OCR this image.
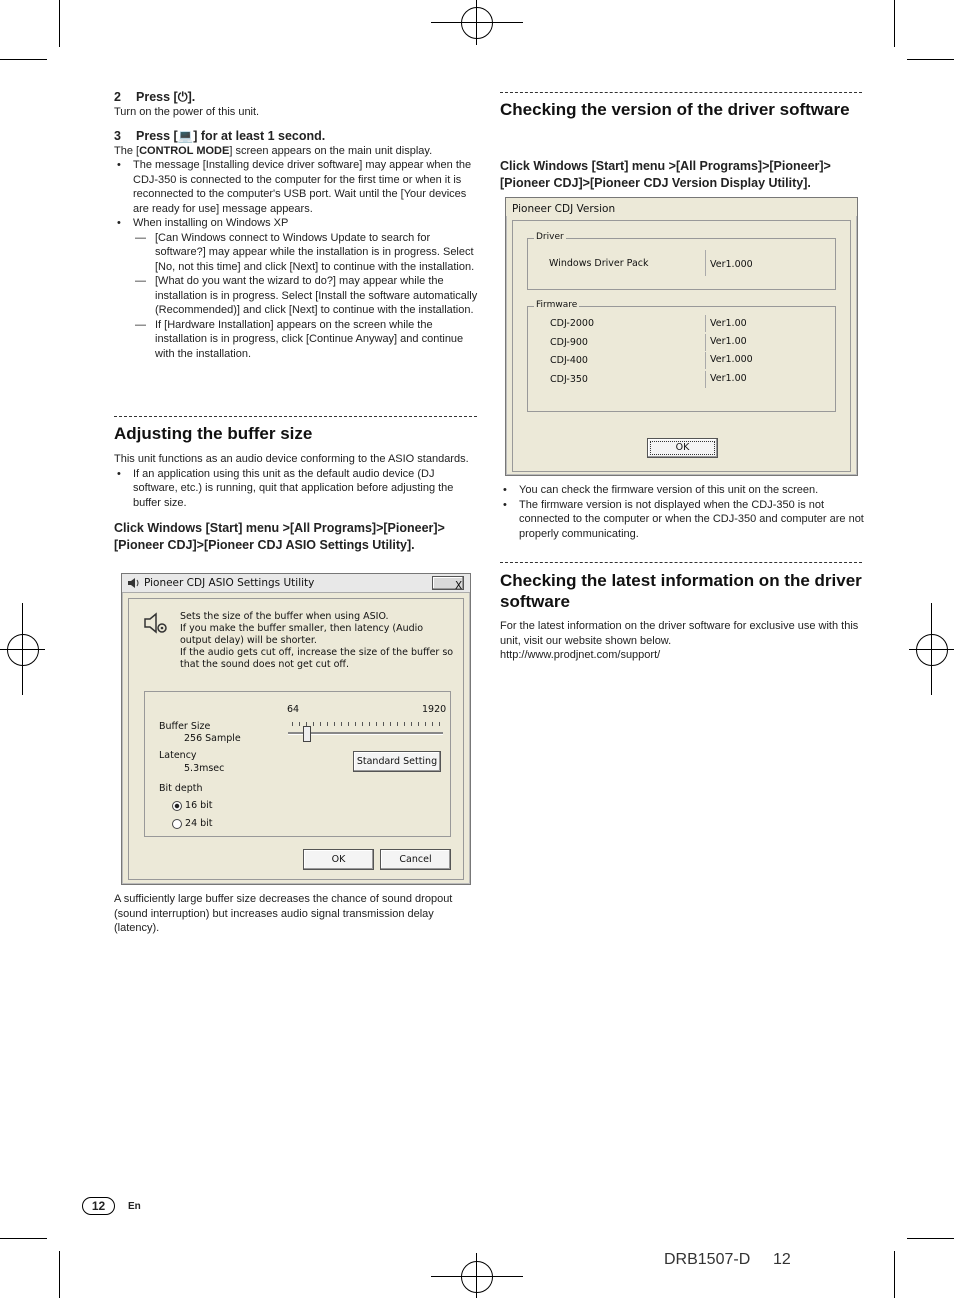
2 Press [⏻].

Turn on the power of this unit.

3 Press [💻] for at least 1 second.

The [CONTROL MODE] screen appears on the main unit display.

• The message [Installing device driver software] may appear when the CDJ-350 is connected to the computer for the first time or when it is reconnected to the computer's USB port. Wait until the [Your devices are ready for use] message appears.
• When installing on Windows XP
— [Can Windows connect to Windows Update to search for software?] may appear while the installation is in progress. Select [No, not this time] and click [Next] to continue with the installation.
— [What do you want the wizard to do?] may appear while the installation is in progress. Select [Install the software automatically (Recommended)] and click [Next] to continue with the installation.
— If [Hardware Installation] appears on the screen while the installation is in progress, click [Continue Anyway] and continue with the installation.
Adjusting the buffer size

This unit functions as an audio device conforming to the ASIO standards.

• If an application using this unit as the default audio device (DJ software, etc.) is running, quit that application before adjusting the buffer size.

Click Windows [Start] menu >[All Programs]>[Pioneer]>[Pioneer CDJ]>[Pioneer CDJ ASIO Settings Utility].

Pioneer CDJ ASIO Settings Utility	X
Sets the size of the buffer when using ASIO.
If you make the buffer smaller, then latency (Audio output delay) will be shorter.
If the audio gets cut off, increase the size of the buffer so that the sound does not get cut off.
64	1920
Buffer Size
256 Sample
Latency
5.3msec
Standard Setting
Bit depth
16 bit
24 bit
OK	Cancel

A sufficiently large buffer size decreases the chance of sound dropout (sound interruption) but increases audio signal transmission delay (latency).

Checking the version of the driver software

Click Windows [Start] menu >[All Programs]>[Pioneer]>[Pioneer CDJ]>[Pioneer CDJ Version Display Utility].

Pioneer CDJ Version
Driver
Windows Driver Pack	Ver1.000
Firmware
CDJ-2000	Ver1.00
CDJ-900	Ver1.00
CDJ-400	Ver1.000
CDJ-350	Ver1.00
OK
• You can check the firmware version of this unit on the screen.
• The firmware version is not displayed when the CDJ-350 is not connected to the computer or when the CDJ-350 and computer are not properly communicating.
Checking the latest information on the driver software

For the latest information on the driver software for exclusive use with this unit, visit our website shown below.

http://www.prodjnet.com/support/

12	En
DRB1507-D 12
